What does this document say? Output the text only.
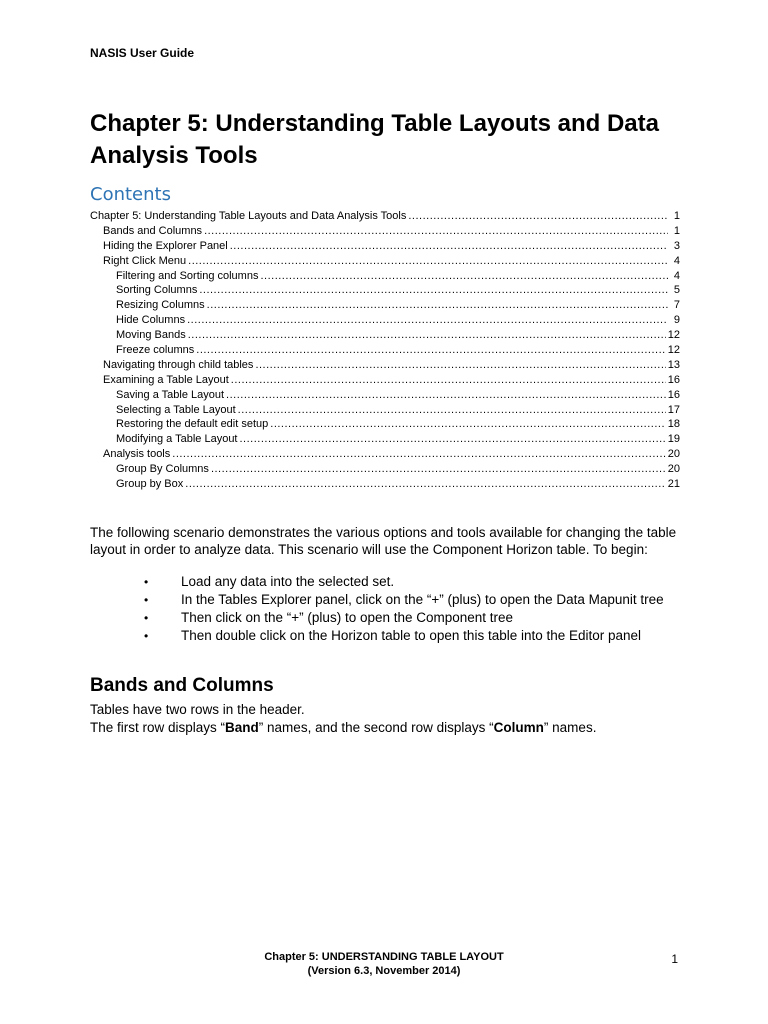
NASIS User Guide
Chapter 5: Understanding Table Layouts and Data Analysis Tools
Contents
Chapter 5: Understanding Table Layouts and Data Analysis Tools .....	1
Bands and Columns .....	1
Hiding the Explorer Panel .....	3
Right Click Menu .....	4
Filtering and Sorting columns .....	4
Sorting Columns .....	5
Resizing Columns .....	7
Hide Columns .....	9
Moving Bands .....	12
Freeze columns .....	12
Navigating through child tables .....	13
Examining a Table Layout .....	16
Saving a Table Layout .....	16
Selecting a Table Layout .....	17
Restoring the default edit setup .....	18
Modifying a Table Layout .....	19
Analysis tools .....	20
Group By Columns .....	20
Group by Box .....	21

The following scenario demonstrates the various options and tools available for changing the table layout in order to analyze data. This scenario will use the Component Horizon table. To begin:

•	Load any data into the selected set.
•	In the Tables Explorer panel, click on the “+” (plus) to open the Data Mapunit tree
•	Then click on the “+” (plus) to open the Component tree
•	Then double click on the Horizon table to open this table into the Editor panel
Bands and Columns

Tables have two rows in the header.

The first row displays “Band” names, and the second row displays “Column” names.

Chapter 5: UNDERSTANDING TABLE LAYOUT
(Version 6.3, November 2014)
1
